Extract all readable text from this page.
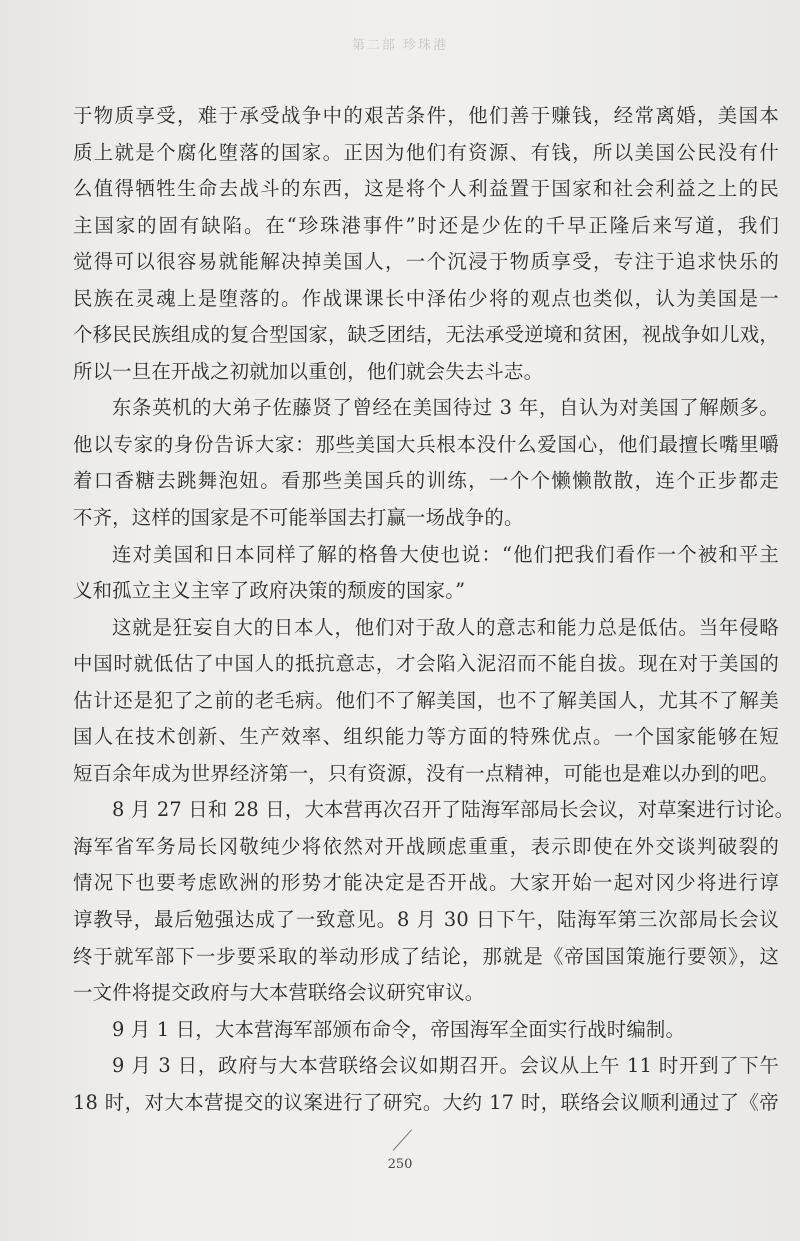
第二部 珍珠港
于物质享受，难于承受战争中的艰苦条件，他们善于赚钱，经常离婚，美国本
质上就是个腐化堕落的国家。正因为他们有资源、有钱，所以美国公民没有什
么值得牺牲生命去战斗的东西，这是将个人利益置于国家和社会利益之上的民
主国家的固有缺陷。在“珍珠港事件”时还是少佐的千早正隆后来写道，我们
觉得可以很容易就能解决掉美国人，一个沉浸于物质享受，专注于追求快乐的
民族在灵魂上是堕落的。作战课课长中泽佑少将的观点也类似，认为美国是一
个移民民族组成的复合型国家，缺乏团结，无法承受逆境和贫困，视战争如儿戏，
所以一旦在开战之初就加以重创，他们就会失去斗志。
东条英机的大弟子佐藤贤了曾经在美国待过 3 年，自认为对美国了解颇多。
他以专家的身份告诉大家：那些美国大兵根本没什么爱国心，他们最擅长嘴里嚼
着口香糖去跳舞泡妞。看那些美国兵的训练，一个个懒懒散散，连个正步都走
不齐，这样的国家是不可能举国去打赢一场战争的。
连对美国和日本同样了解的格鲁大使也说：“他们把我们看作一个被和平主
义和孤立主义主宰了政府决策的颓废的国家。”
这就是狂妄自大的日本人，他们对于敌人的意志和能力总是低估。当年侵略
中国时就低估了中国人的抵抗意志，才会陷入泥沼而不能自拔。现在对于美国的
估计还是犯了之前的老毛病。他们不了解美国，也不了解美国人，尤其不了解美
国人在技术创新、生产效率、组织能力等方面的特殊优点。一个国家能够在短
短百余年成为世界经济第一，只有资源，没有一点精神，可能也是难以办到的吧。
8 月 27 日和 28 日，大本营再次召开了陆海军部局长会议，对草案进行讨论。
海军省军务局长冈敬纯少将依然对开战顾虑重重，表示即使在外交谈判破裂的
情况下也要考虑欧洲的形势才能决定是否开战。大家开始一起对冈少将进行谆
谆教导，最后勉强达成了一致意见。8 月 30 日下午，陆海军第三次部局长会议
终于就军部下一步要采取的举动形成了结论，那就是《帝国国策施行要领》，这
一文件将提交政府与大本营联络会议研究审议。
9 月 1 日，大本营海军部颁布命令，帝国海军全面实行战时编制。
9 月 3 日，政府与大本营联络会议如期召开。会议从上午 11 时开到了下午
18 时，对大本营提交的议案进行了研究。大约 17 时，联络会议顺利通过了《帝
250
